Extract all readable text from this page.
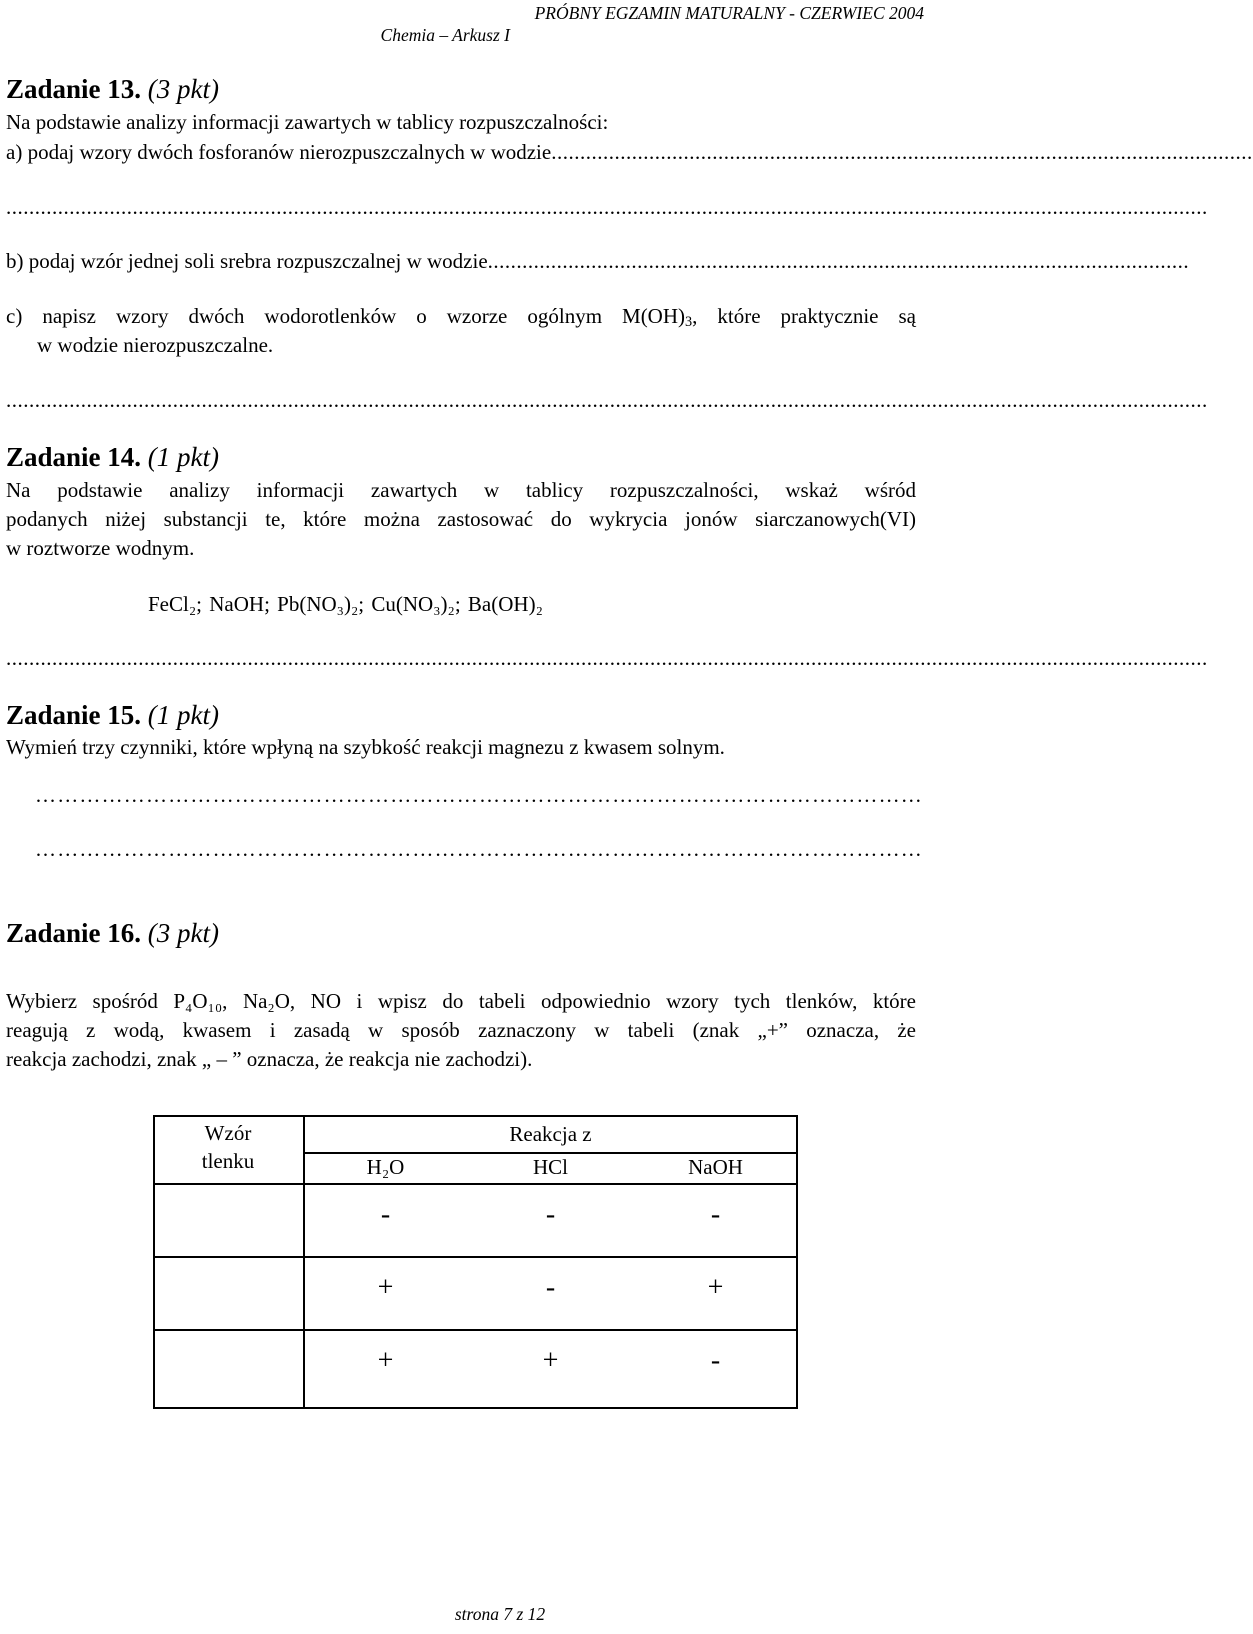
PRÓBNY EGZAMIN MATURALNY - CZERWIEC 2004
Chemia – Arkusz I
Zadanie 13. (3 pkt)
Na podstawie analizy informacji zawartych w tablicy rozpuszczalności:
a) podaj wzory dwóch fosforanów nierozpuszczalnych w wodzie ..........................................................................................................................
.................................................................................................................................................................................................................
b) podaj wzór jednej soli srebra rozpuszczalnej w wodzie ..........................................................................................................................
c) napisz wzory dwóch wodorotlenków o wzorze ogólnym $M(OH)_3$, które praktycznie są
w wodzie nierozpuszczalne.
.................................................................................................................................................................................................................
Zadanie 14. (1 pkt)
Na podstawie analizy informacji zawartych w tablicy rozpuszczalności, wskaż wśród
podanych niżej substancji te, które można zastosować do wykrycia jonów siarczanowych(VI)
w roztworze wodnym.
FeCl₂; NaOH; Pb(NO₃)₂; Cu(NO₃)₂; Ba(OH)₂
.................................................................................................................................................................................................................
Zadanie 15. (1 pkt)
Wymień trzy czynniki, które wpłyną na szybkość reakcji magnezu z kwasem solnym.
…………………………………………………………………………………………………………
…………………………………………………………………………………………………………
Zadanie 16. (3 pkt)
Wybierz spośród P₄O₁₀, Na₂O, NO i wpisz do tabeli odpowiednio wzory tych tlenków, które
reagują z wodą, kwasem i zasadą w sposób zaznaczony w tabeli (znak „+” oznacza, że
reakcja zachodzi, znak „ – ” oznacza, że reakcja nie zachodzi).
Wzór
tlenku
Reakcja z
H₂O	HCl	NaOH
-	-	-
+	-	+
+	+	-
strona 7 z 12
